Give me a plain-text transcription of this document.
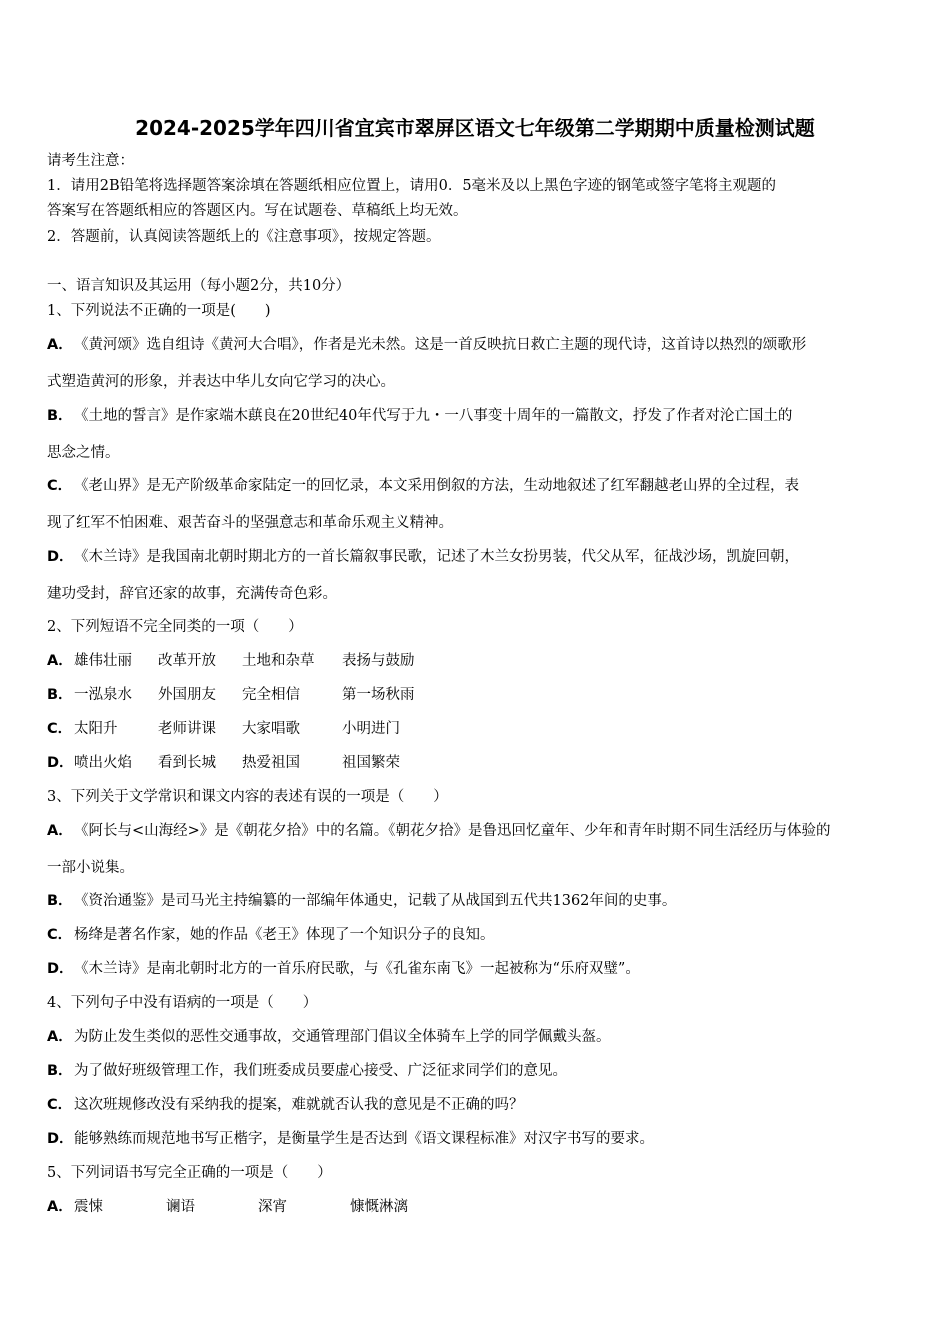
2024-2025学年四川省宜宾市翠屏区语文七年级第二学期期中质量检测试题
请考生注意：
1．请用2B铅笔将选择题答案涂填在答题纸相应位置上，请用0．5毫米及以上黑色字迹的钢笔或签字笔将主观题的
答案写在答题纸相应的答题区内。写在试题卷、草稿纸上均无效。
2．答题前，认真阅读答题纸上的《注意事项》，按规定答题。
一、语言知识及其运用（每小题2分，共10分）
1、下列说法不正确的一项是(　　)
A．《黄河颂》选自组诗《黄河大合唱》，作者是光未然。这是一首反映抗日救亡主题的现代诗，这首诗以热烈的颂歌形
式塑造黄河的形象，并表达中华儿女向它学习的决心。
B．《土地的誓言》是作家端木蕻良在20世纪40年代写于九・一八事变十周年的一篇散文，抒发了作者对沦亡国土的
思念之情。
C． 《老山界》是无产阶级革命家陆定一的回忆录，本文采用倒叙的方法，生动地叙述了红军翻越老山界的全过程，表
现了红军不怕困难、艰苦奋斗的坚强意志和革命乐观主义精神。
D．《木兰诗》是我国南北朝时期北方的一首长篇叙事民歌，记述了木兰女扮男装，代父从军，征战沙场，凯旋回朝，
建功受封，辞官还家的故事，充满传奇色彩。
2、下列短语不完全同类的一项（　　）
A．雄伟壮丽 改革开放 土地和杂草 表扬与鼓励
B．一泓泉水 外国朋友 完全相信	第一场秋雨
C． 太阳升	老师讲课 大家唱歌	小明进门
D．喷出火焰 看到长城 热爱祖国	祖国繁荣
3、下列关于文学常识和课文内容的表述有误的一项是（　　）
A．《阿长与<山海经>》是《朝花夕拾》中的名篇。《朝花夕拾》是鲁迅回忆童年、少年和青年时期不同生活经历与体验的
一部小说集。
B．《资治通鉴》是司马光主持编纂的一部编年体通史，记载了从战国到五代共1362年间的史事。
C． 杨绛是著名作家，她的作品《老王》体现了一个知识分子的良知。
D．《木兰诗》是南北朝时北方的一首乐府民歌，与《孔雀东南飞》一起被称为“乐府双璧”。
4、下列句子中没有语病的一项是（　　）
A．为防止发生类似的恶性交通事故，交通管理部门倡议全体骑车上学的同学佩戴头盔。
B．为了做好班级管理工作，我们班委成员要虚心接受、广泛征求同学们的意见。
C． 这次班规修改没有采纳我的提案，难就就否认我的意见是不正确的吗？
D．能够熟练而规范地书写正楷字，是衡量学生是否达到《语文课程标准》对汉字书写的要求。
5、下列词语书写完全正确的一项是（　　）
A．震悚	谰语	深宵	慷慨淋漓
